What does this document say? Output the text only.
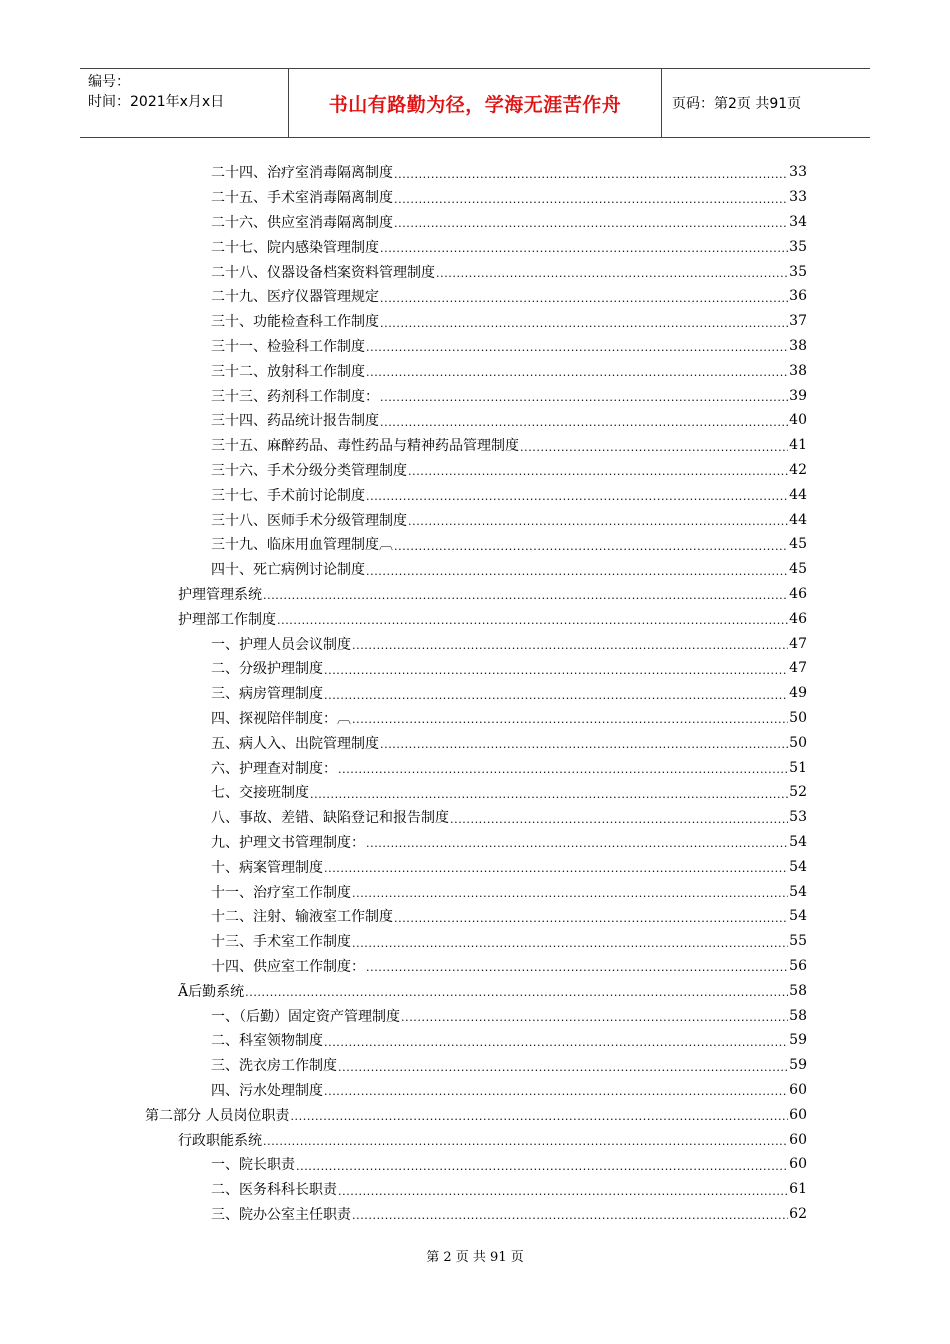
编号：
时间：2021年x月x日	书山有路勤为径，学海无涯苦作舟	页码：第2页 共91页
二十四、治疗室消毒隔离制度 .....	33
二十五、手术室消毒隔离制度 .....	33
二十六、供应室消毒隔离制度 .....	34
二十七、院内感染管理制度 .....	35
二十八、仪器设备档案资料管理制度 .....	35
二十九、医疗仪器管理规定 .....	36
三十、功能检查科工作制度 .....	37
三十一、检验科工作制度 .....	38
三十二、放射科工作制度 .....	38
三十三、药剂科工作制度： .....	39
三十四、药品统计报告制度 .....	40
三十五、麻醉药品、毒性药品与精神药品管理制度 .....	41
三十六、手术分级分类管理制度 .....	42
三十七、手术前讨论制度 .....	44
三十八、医师手术分级管理制度 .....	44
三十九、临床用血管理制度︹ .....	45
四十、死亡病例讨论制度 .....	45
护理管理系统 .....	46
护理部工作制度 .....	46
一、护理人员会议制度 .....	47
二、分级护理制度 .....	47
三、病房管理制度 .....	49
四、探视陪伴制度：︹ .....	50
五、病人入、出院管理制度 .....	50
六、护理查对制度： .....	51
七、交接班制度 .....	52
八、事故、差错、缺陷登记和报告制度 .....	53
九、护理文书管理制度： .....	54
十、病案管理制度 .....	54
十一、治疗室工作制度 .....	54
十二、注射、输液室工作制度 .....	54
十三、手术室工作制度 .....	55
十四、供应室工作制度： .....	56
Ã后勤系统 .....	58
一、（后勤）固定资产管理制度 .....	58
二、科室领物制度 .....	59
三、洗衣房工作制度 .....	59
四、污水处理制度 .....	60
第二部分 人员岗位职责 .....	60
行政职能系统 .....	60
一、院长职责 .....	60
二、医务科科长职责 .....	61
三、院办公室主任职责 .....	62
第 2 页 共 91 页
